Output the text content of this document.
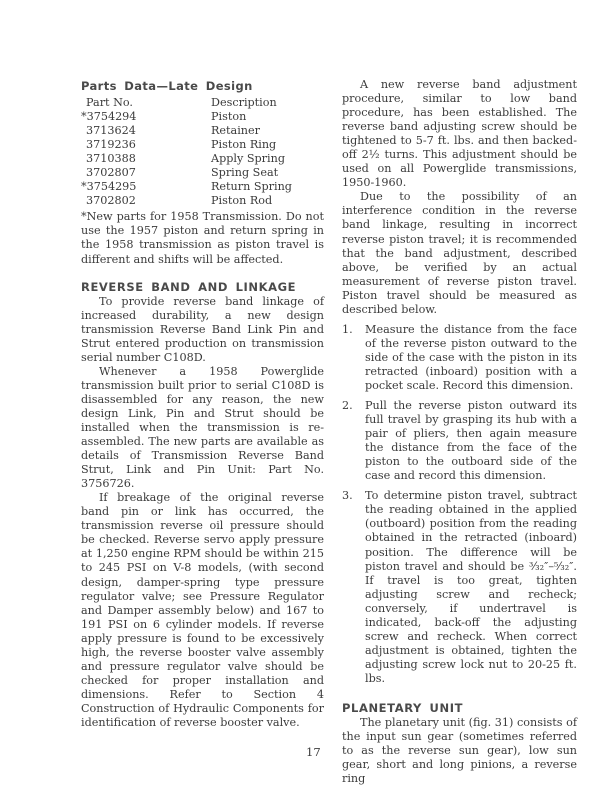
Parts Data—Late Design
Part No.	Description
*3754294	Piston
3713624	Retainer
3719236	Piston Ring
3710388	Apply Spring
3702807	Spring Seat
*3754295	Return Spring
3702802	Piston Rod

*New parts for 1958 Transmission. Do not use the 1957 piston and return spring in the 1958 transmission as piston travel is different and shifts will be affected.

REVERSE BAND AND LINKAGE

To provide reverse band linkage of increased durability, a new design transmission Reverse Band Link Pin and Strut entered production on transmission serial number C108D.

Whenever a 1958 Powerglide transmission built prior to serial C108D is disassembled for any reason, the new design Link, Pin and Strut should be installed when the transmission is re-assembled. The new parts are available as details of Transmission Reverse Band Strut, Link and Pin Unit: Part No. 3756726.

If breakage of the original reverse band pin or link has occurred, the transmission reverse oil pressure should be checked. Reverse servo apply pressure at 1,250 engine RPM should be within 215 to 245 PSI on V-8 models, (with second design, damper-spring type pressure regulator valve; see Pressure Regulator and Damper assembly below) and 167 to 191 PSI on 6 cylinder models. If reverse apply pressure is found to be excessively high, the reverse booster valve assembly and pressure regulator valve should be checked for proper installation and dimensions. Refer to Section 4 Construction of Hydraulic Components for identification of reverse booster valve.

A new reverse band adjustment procedure, similar to low band procedure, has been established. The reverse band adjusting screw should be tightened to 5-7 ft. lbs. and then backed-off 2½ turns. This adjustment should be used on all Powerglide transmissions, 1950-1960.

Due to the possibility of an interference condition in the reverse band linkage, resulting in incorrect reverse piston travel; it is recommended that the band adjustment, described above, be verified by an actual measurement of reverse piston travel. Piston travel should be measured as described below.

1. Measure the distance from the face of the reverse piston outward to the side of the case with the piston in its retracted (inboard) position with a pocket scale. Record this dimension.
2. Pull the reverse piston outward its full travel by grasping its hub with a pair of pliers, then again measure the distance from the face of the piston to the outboard side of the case and record this dimension.
3. To determine piston travel, subtract the reading obtained in the applied (outboard) position from the reading obtained in the retracted (inboard) position. The difference will be piston travel and should be ³⁄₃₂″–⁵⁄₃₂″. If travel is too great, tighten adjusting screw and recheck; conversely, if undertravel is indicated, back-off the adjusting screw and recheck. When correct adjustment is obtained, tighten the adjusting screw lock nut to 20-25 ft. lbs.
PLANETARY UNIT

The planetary unit (fig. 31) consists of the input sun gear (sometimes referred to as the reverse sun gear), low sun gear, short and long pinions, a reverse ring

17
